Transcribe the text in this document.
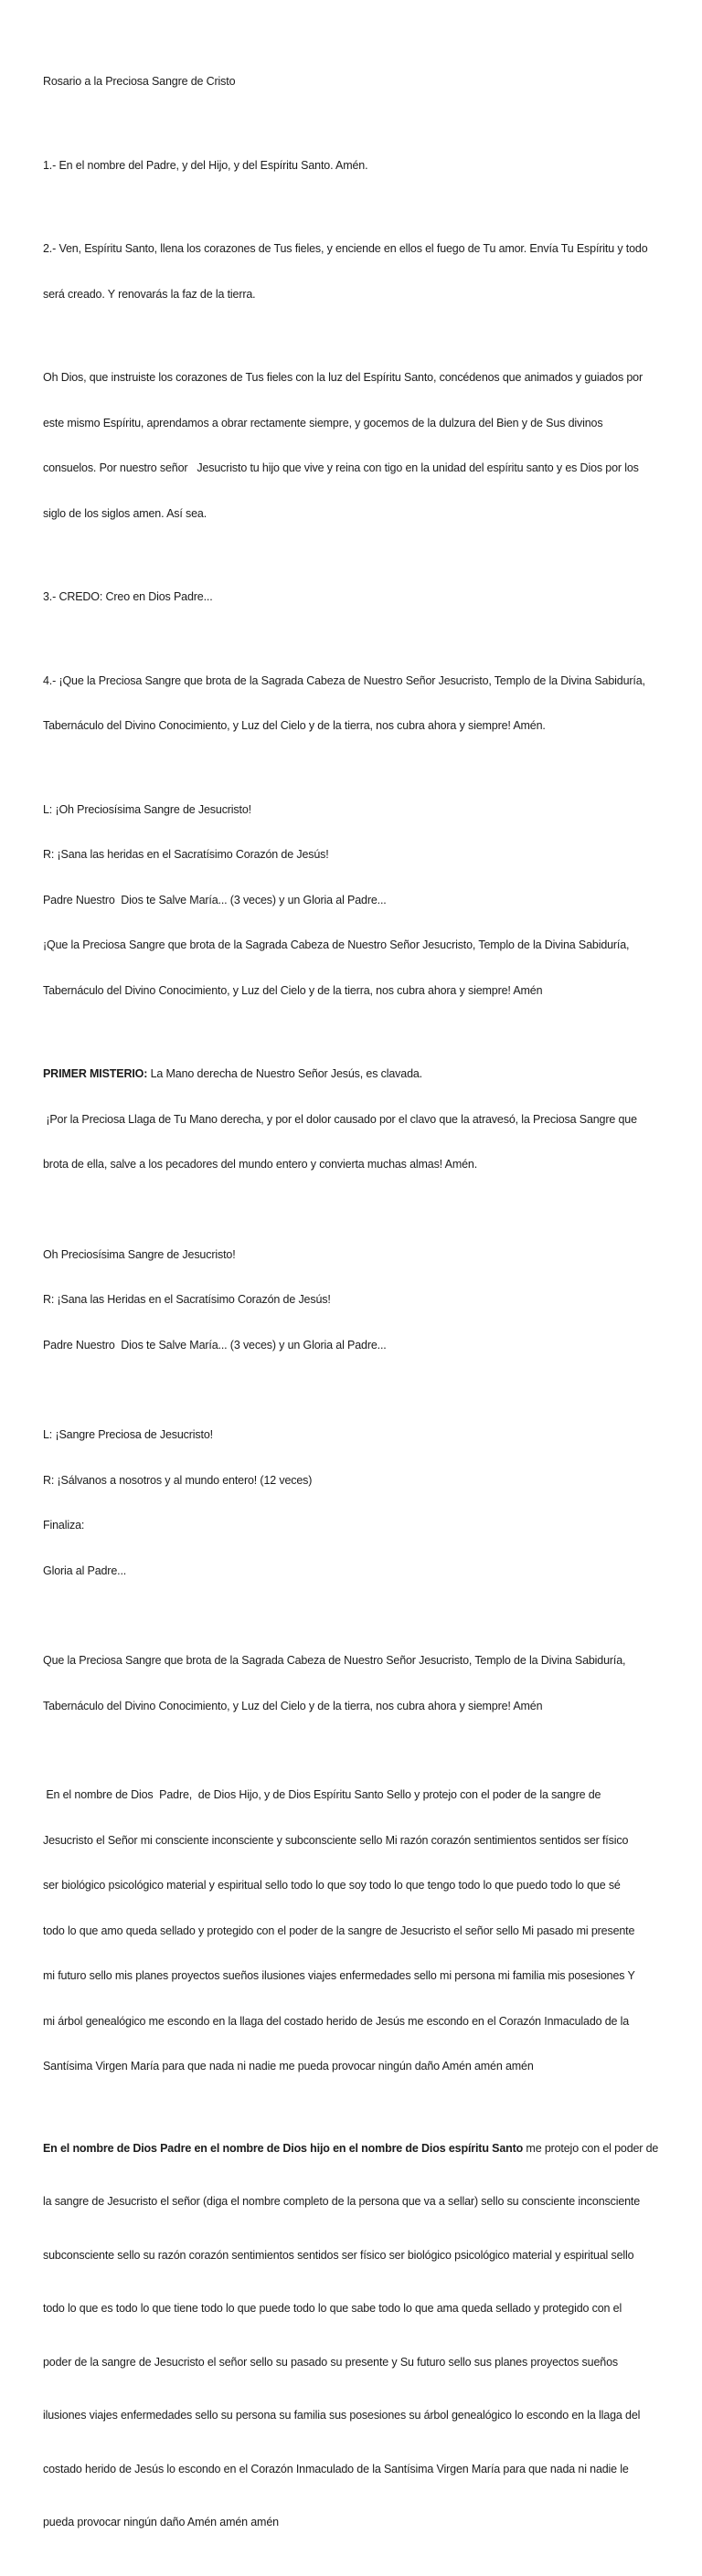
Rosario a la Preciosa Sangre de Cristo

1.- En el nombre del Padre, y del Hijo, y del Espíritu Santo. Amén.

2.- Ven, Espíritu Santo, llena los corazones de Tus fieles, y enciende en ellos el fuego de Tu amor. Envía Tu Espíritu y todo

será creado. Y renovarás la faz de la tierra.

Oh Dios, que instruiste los corazones de Tus fieles con la luz del Espíritu Santo, concédenos que animados y guiados por

este mismo Espíritu, aprendamos a obrar rectamente siempre, y gocemos de la dulzura del Bien y de Sus divinos

consuelos. Por nuestro señor   Jesucristo tu hijo que vive y reina con tigo en la unidad del espíritu santo y es Dios por los

siglo de los siglos amen. Así sea.

3.- CREDO: Creo en Dios Padre...

4.- ¡Que la Preciosa Sangre que brota de la Sagrada Cabeza de Nuestro Señor Jesucristo, Templo de la Divina Sabiduría,

Tabernáculo del Divino Conocimiento, y Luz del Cielo y de la tierra, nos cubra ahora y siempre! Amén.

L: ¡Oh Preciosísima Sangre de Jesucristo!

R: ¡Sana las heridas en el Sacratísimo Corazón de Jesús!

Padre Nuestro  Dios te Salve María... (3 veces) y un Gloria al Padre...

¡Que la Preciosa Sangre que brota de la Sagrada Cabeza de Nuestro Señor Jesucristo, Templo de la Divina Sabiduría,

Tabernáculo del Divino Conocimiento, y Luz del Cielo y de la tierra, nos cubra ahora y siempre! Amén

PRIMER MISTERIO: La Mano derecha de Nuestro Señor Jesús, es clavada.

¡Por la Preciosa Llaga de Tu Mano derecha, y por el dolor causado por el clavo que la atravesó, la Preciosa Sangre que

brota de ella, salve a los pecadores del mundo entero y convierta muchas almas! Amén.

Oh Preciosísima Sangre de Jesucristo!

R: ¡Sana las Heridas en el Sacratísimo Corazón de Jesús!

Padre Nuestro  Dios te Salve María... (3 veces) y un Gloria al Padre...

L: ¡Sangre Preciosa de Jesucristo!

R: ¡Sálvanos a nosotros y al mundo entero! (12 veces)

Finaliza:

Gloria al Padre...

Que la Preciosa Sangre que brota de la Sagrada Cabeza de Nuestro Señor Jesucristo, Templo de la Divina Sabiduría,

Tabernáculo del Divino Conocimiento, y Luz del Cielo y de la tierra, nos cubra ahora y siempre! Amén

En el nombre de Dios  Padre,  de Dios Hijo, y de Dios Espíritu Santo Sello y protejo con el poder de la sangre de

Jesucristo el Señor mi consciente inconsciente y subconsciente sello Mi razón corazón sentimientos sentidos ser físico

ser biológico psicológico material y espiritual sello todo lo que soy todo lo que tengo todo lo que puedo todo lo que sé

todo lo que amo queda sellado y protegido con el poder de la sangre de Jesucristo el señor sello Mi pasado mi presente

mi futuro sello mis planes proyectos sueños ilusiones viajes enfermedades sello mi persona mi familia mis posesiones Y

mi árbol genealógico me escondo en la llaga del costado herido de Jesús me escondo en el Corazón Inmaculado de la

Santísima Virgen María para que nada ni nadie me pueda provocar ningún daño Amén amén amén

En el nombre de Dios Padre en el nombre de Dios hijo en el nombre de Dios espíritu Santo me protejo con el poder de

la sangre de Jesucristo el señor (diga el nombre completo de la persona que va a sellar) sello su consciente inconsciente

subconsciente sello su razón corazón sentimientos sentidos ser físico ser biológico psicológico material y espiritual sello

todo lo que es todo lo que tiene todo lo que puede todo lo que sabe todo lo que ama queda sellado y protegido con el

poder de la sangre de Jesucristo el señor sello su pasado su presente y Su futuro sello sus planes proyectos sueños

ilusiones viajes enfermedades sello su persona su familia sus posesiones su árbol genealógico lo escondo en la llaga del

costado herido de Jesús lo escondo en el Corazón Inmaculado de la Santísima Virgen María para que nada ni nadie le

pueda provocar ningún daño Amén amén amén
